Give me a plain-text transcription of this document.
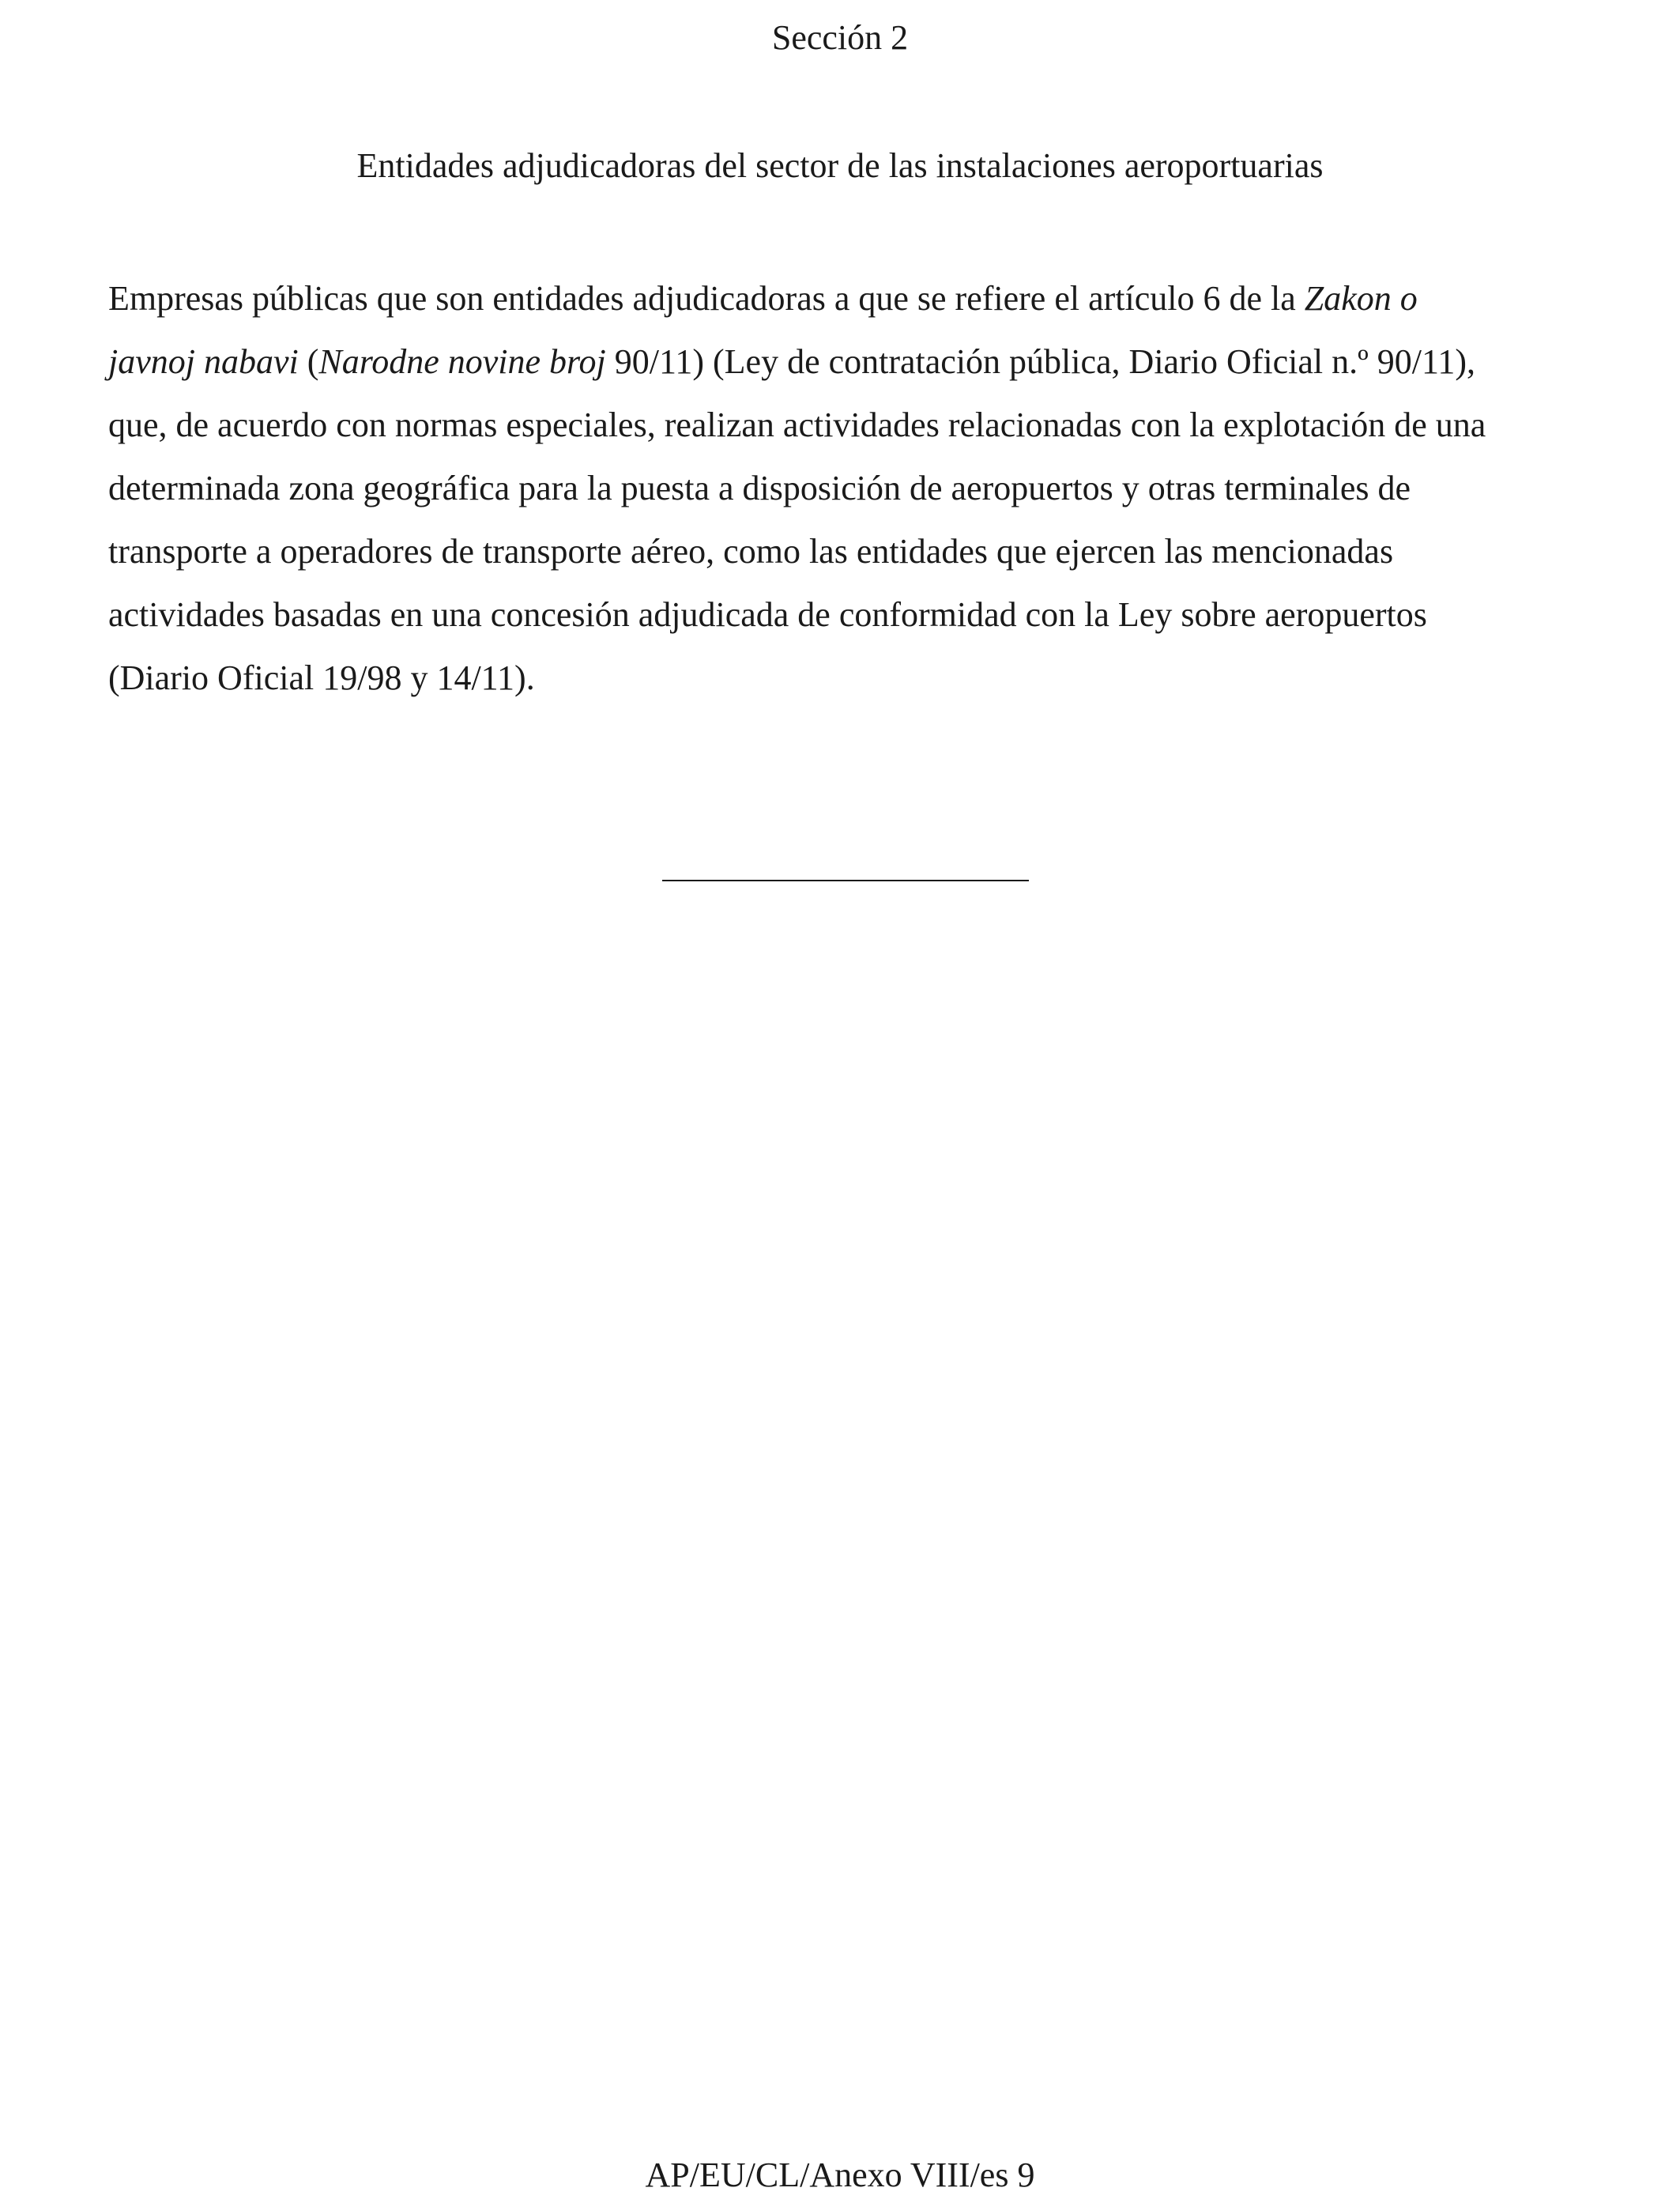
Sección 2
Entidades adjudicadoras del sector de las instalaciones aeroportuarias

Empresas públicas que son entidades adjudicadoras a que se refiere el artículo 6 de la Zakon o
javnoj nabavi (Narodne novine broj 90/11) (Ley de contratación pública, Diario Oficial n.º 90/11),
que, de acuerdo con normas especiales, realizan actividades relacionadas con la explotación de una
determinada zona geográfica para la puesta a disposición de aeropuertos y otras terminales de
transporte a operadores de transporte aéreo, como las entidades que ejercen las mencionadas
actividades basadas en una concesión adjudicada de conformidad con la Ley sobre aeropuertos
(Diario Oficial 19/98 y 14/11).

AP/EU/CL/Anexo VIII/es 9
